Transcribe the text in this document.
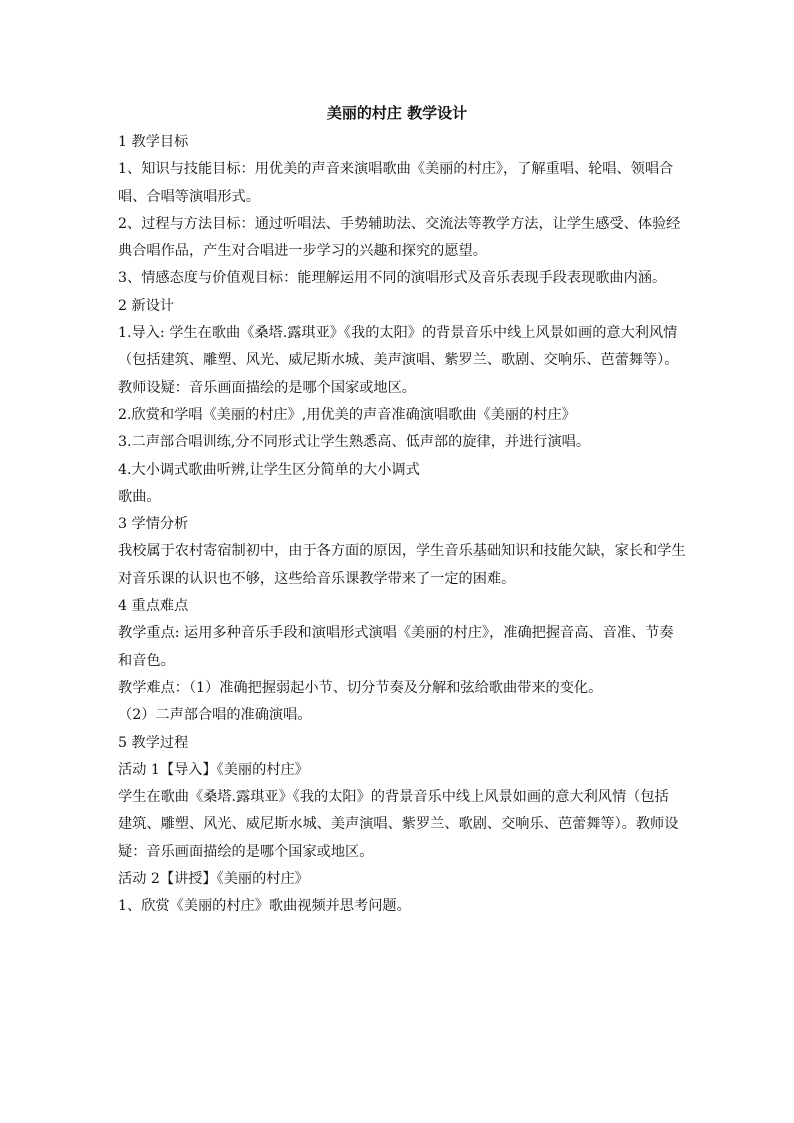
美丽的村庄 教学设计
1 教学目标
1、知识与技能目标：用优美的声音来演唱歌曲《美丽的村庄》，了解重唱、轮唱、领唱合
唱、合唱等演唱形式。
2、过程与方法目标：通过听唱法、手势辅助法、交流法等教学方法，让学生感受、体验经
典合唱作品，产生对合唱进一步学习的兴趣和探究的愿望。
3、情感态度与价值观目标：能理解运用不同的演唱形式及音乐表现手段表现歌曲内涵。
2 新设计
1.导入: 学生在歌曲《桑塔.露琪亚》《我的太阳》的背景音乐中线上风景如画的意大利风情
（包括建筑、雕塑、风光、威尼斯水城、美声演唱、紫罗兰、歌剧、交响乐、芭蕾舞等）。
教师设疑：音乐画面描绘的是哪个国家或地区。
2.欣赏和学唱《美丽的村庄》,用优美的声音准确演唱歌曲《美丽的村庄》
3.二声部合唱训练,分不同形式让学生熟悉高、低声部的旋律，并进行演唱。
4.大小调式歌曲听辨,让学生区分简单的大小调式
歌曲。
3 学情分析
我校属于农村寄宿制初中，由于各方面的原因，学生音乐基础知识和技能欠缺，家长和学生
对音乐课的认识也不够，这些给音乐课教学带来了一定的困难。
4 重点难点
教学重点: 运用多种音乐手段和演唱形式演唱《美丽的村庄》，准确把握音高、音准、节奏
和音色。
教学难点：（1）准确把握弱起小节、切分节奏及分解和弦给歌曲带来的变化。
（2）二声部合唱的准确演唱。
5 教学过程
活动 1【导入】《美丽的村庄》
学生在歌曲《桑塔.露琪亚》《我的太阳》的背景音乐中线上风景如画的意大利风情（包括
建筑、雕塑、风光、威尼斯水城、美声演唱、紫罗兰、歌剧、交响乐、芭蕾舞等）。教师设
疑：音乐画面描绘的是哪个国家或地区。
活动 2【讲授】《美丽的村庄》
1、欣赏《美丽的村庄》歌曲视频并思考问题。
